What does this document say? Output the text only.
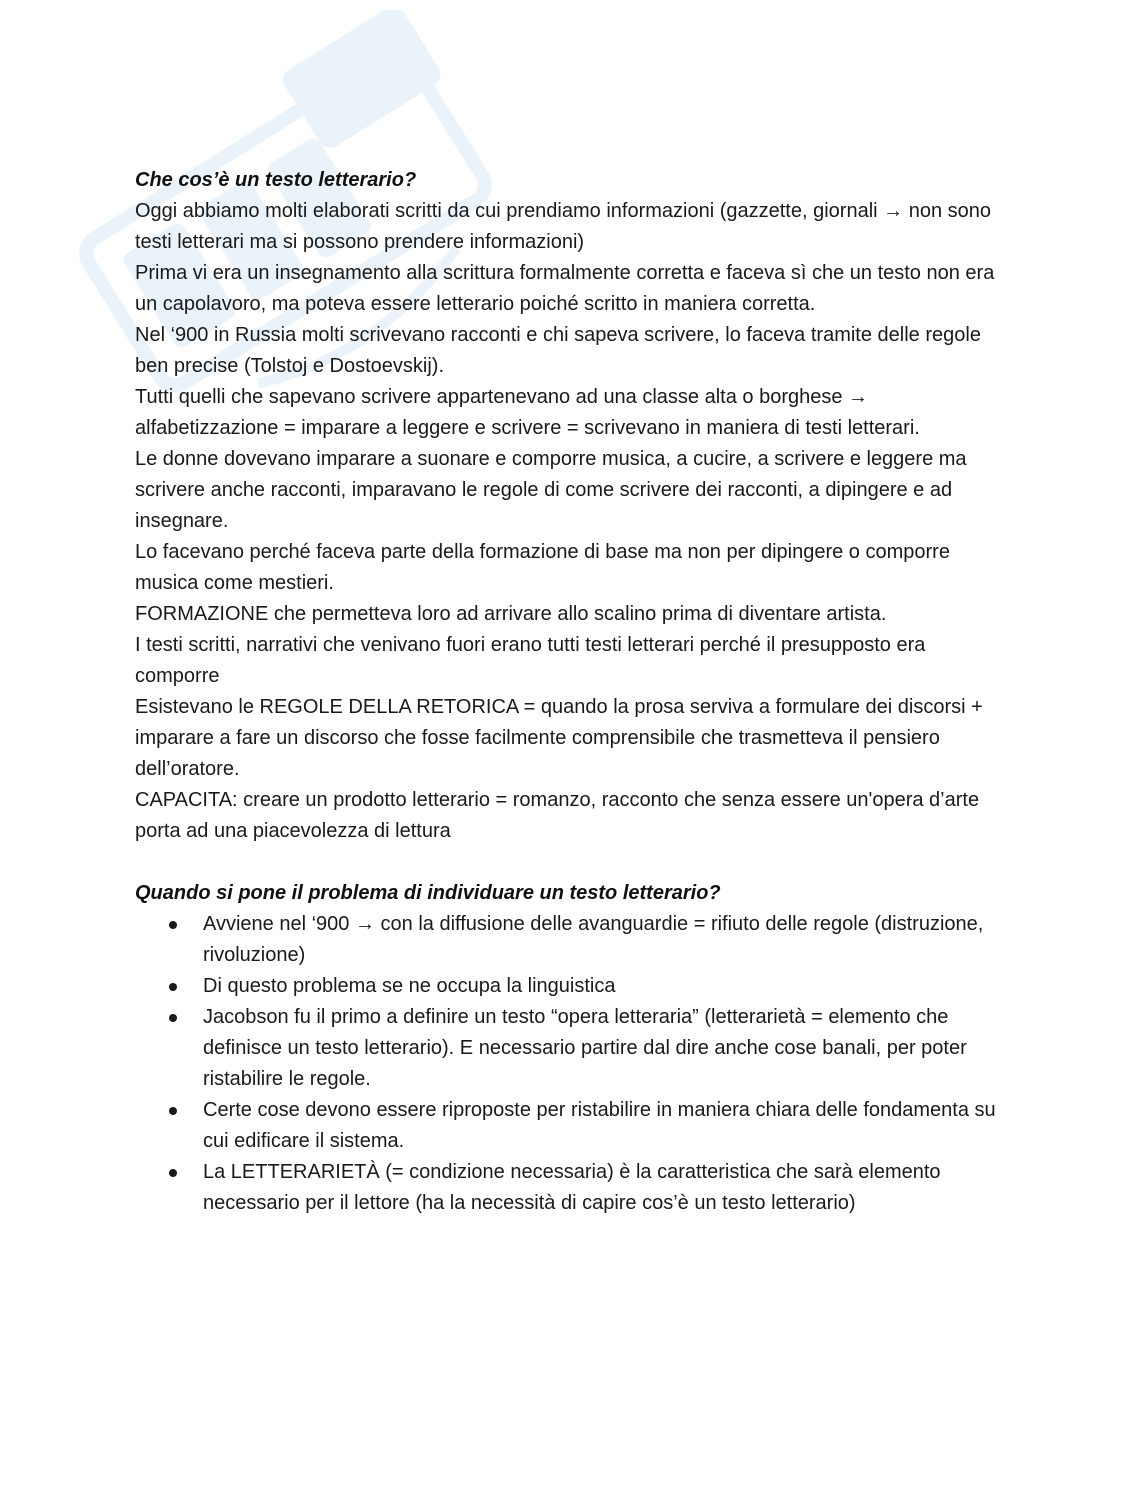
Che cos’è un testo letterario?

Oggi abbiamo molti elaborati scritti da cui prendiamo informazioni (gazzette, giornali → non sono testi letterari ma si possono prendere informazioni)

Prima vi era un insegnamento alla scrittura formalmente corretta e faceva sì che un testo non era un capolavoro, ma poteva essere letterario poiché scritto in maniera corretta.

Nel ‘900 in Russia molti scrivevano racconti e chi sapeva scrivere, lo faceva tramite delle regole ben precise (Tolstoj e Dostoevskij).

Tutti quelli che sapevano scrivere appartenevano ad una classe alta o borghese → alfabetizzazione = imparare a leggere e scrivere = scrivevano in maniera di testi letterari.

Le donne dovevano imparare a suonare e comporre musica, a cucire, a scrivere e leggere ma scrivere anche racconti, imparavano le regole di come scrivere dei racconti, a dipingere e ad insegnare.

Lo facevano perché faceva parte della formazione di base ma non per dipingere o comporre musica come mestieri.

FORMAZIONE che permetteva loro ad arrivare allo scalino prima di diventare artista.

I testi scritti, narrativi che venivano fuori erano tutti testi letterari perché il presupposto era comporre

Esistevano le REGOLE DELLA RETORICA = quando la prosa serviva a formulare dei discorsi + imparare a fare un discorso che fosse facilmente comprensibile che trasmetteva il pensiero dell’oratore.

CAPACITA: creare un prodotto letterario = romanzo, racconto che senza essere un'opera d’arte porta ad una piacevolezza di lettura

Quando si pone il problema di individuare un testo letterario?
Avviene nel ‘900 → con la diffusione delle avanguardie = rifiuto delle regole (distruzione, rivoluzione)
Di questo problema se ne occupa la linguistica
Jacobson fu il primo a definire un testo “opera letteraria” (letterarietà = elemento che definisce un testo letterario). E necessario partire dal dire anche cose banali, per poter ristabilire le regole.
Certe cose devono essere riproposte per ristabilire in maniera chiara delle fondamenta su cui edificare il sistema.
La LETTERARIETÀ (= condizione necessaria) è la caratteristica che sarà elemento necessario per il lettore (ha la necessità di capire cos’è un testo letterario)
